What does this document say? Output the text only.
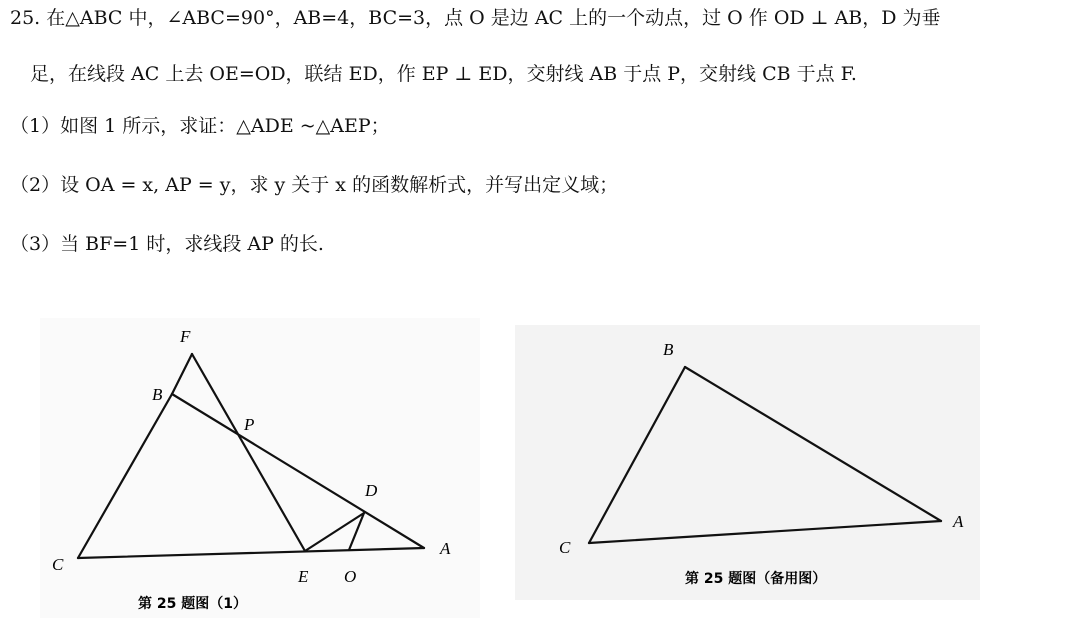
25. 在△ABC 中，∠ABC=90°，AB=4，BC=3，点 O 是边 AC 上的一个动点，过 O 作 OD ⊥ AB，D 为垂
足，在线段 AC 上去 OE=OD，联结 ED，作 EP ⊥ ED，交射线 AB 于点 P，交射线 CB 于点 F.
（1）如图 1 所示，求证：△ADE ~△AEP；
（2）设 OA = x, AP = y，求 y 关于 x 的函数解析式，并写出定义域；
（3）当 BF=1 时，求线段 AP 的长.
F
B
P
D
C
E O
A
第 25 题图（1）
B
C
A
第 25 题图（备用图）
